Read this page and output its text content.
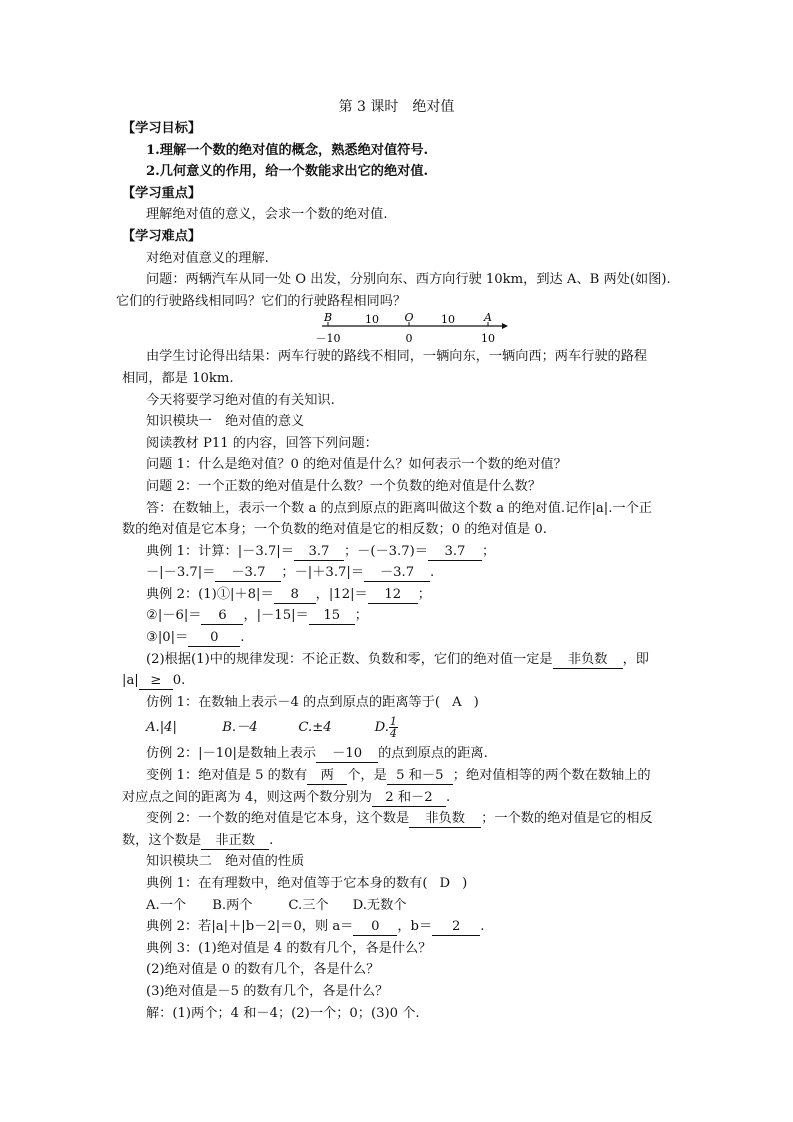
第 3 课时　绝对值
【学习目标】
1.理解一个数的绝对值的概念，熟悉绝对值符号.
2.几何意义的作用，给一个数能求出它的绝对值.
【学习重点】
理解绝对值的意义，会求一个数的绝对值.
【学习难点】
对绝对值意义的理解.
问题：两辆汽车从同一处 O 出发，分别向东、西方向行驶 10km，到达 A、B 两处(如图).
它们的行驶路线相同吗？它们的行驶路程相同吗？
B	10 O 10	A
－10	0	10
由学生讨论得出结果：两车行驶的路线不相同，一辆向东，一辆向西；两车行驶的路程
相同，都是 10km.
今天将要学习绝对值的有关知识.
知识模块一　绝对值的意义
阅读教材 P11 的内容，回答下列问题：
问题 1：什么是绝对值？0 的绝对值是什么？如何表示一个数的绝对值？
问题 2：一个正数的绝对值是什么数？一个负数的绝对值是什么数？
答：在数轴上，表示一个数 a 的点到原点的距离叫做这个数 a 的绝对值.记作|a|.一个正
数的绝对值是它本身；一个负数的绝对值是它的相反数；0 的绝对值是 0.
典例 1：计算：|－3.7|＝ 3.7 ；－(－3.7)＝ 3.7 ；
－|－3.7|＝ －3.7 ；－|＋3.7|＝ －3.7 .
典例 2：(1)①|＋8|＝ 8 ，|12|＝ 12 ；
②|－6|＝ 6 ，|－15|＝ 15 ；
③|0|＝ 0 .
(2)根据(1)中的规律发现：不论正数、负数和零，它们的绝对值一定是 非负数 ，即
|a| ≥ 0.
仿例 1：在数轴上表示－4 的点到原点的距离等于( A )
A.|4|	B.－4	C.±4	D. $\frac{1}{4}$
仿例 2：|－10|是数轴上表示 －10 的点到原点的距离.
变例 1：绝对值是 5 的数有 两 个，是 5 和－5 ；绝对值相等的两个数在数轴上的
对应点之间的距离为 4，则这两个数分别为 2 和－2 .
变例 2：一个数的绝对值是它本身，这个数是 非负数 ；一个数的绝对值是它的相反
数，这个数是 非正数 .
知识模块二　绝对值的性质
典例 1：在有理数中，绝对值等于它本身的数有( D )
A.一个 B.两个	C.三个 D.无数个
典例 2：若|a|＋|b－2|＝0，则 a＝ 0 ，b＝ 2 .
典例 3：(1)绝对值是 4 的数有几个，各是什么？
(2)绝对值是 0 的数有几个，各是什么？
(3)绝对值是－5 的数有几个，各是什么？
解：(1)两个；4 和－4；(2)一个；0；(3)0 个.
